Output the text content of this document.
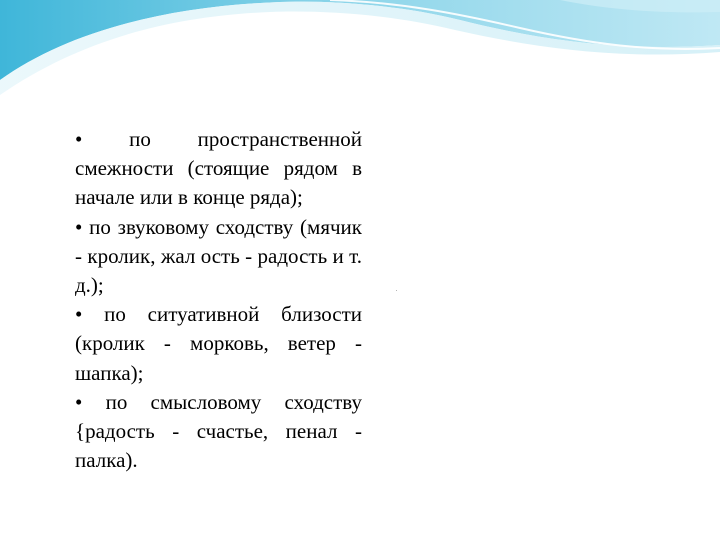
• по пространственной смежности (стоящие рядом в начале или в конце ряда);

• по звуковому сходству (мячик - кролик, жал ость - радость и т. д.);

• по ситуативной близости (кролик - морковь, ветер - шапка);

• по смысловому сходству {радость - счастье, пенал - палка).
